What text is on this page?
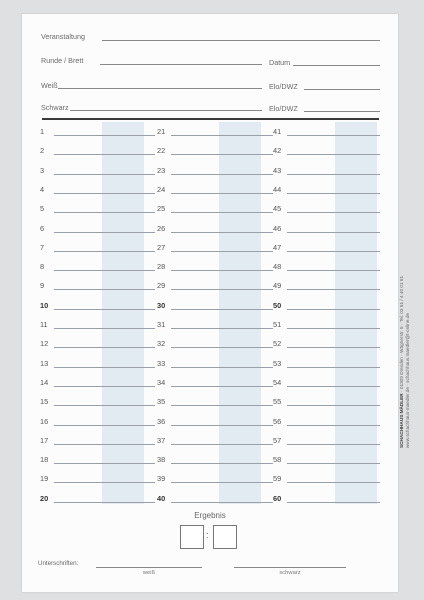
Veranstaltung
Runde / Brett	Datum
Weiß	Elo/DWZ
Schwarz	Elo/DWZ
1
2
3
4
5
6
7
8
9
10
11
12
13
14
15
16
17
18
19
20
21
22
23
24
25
26
27
28
29
30
31
32
33
34
35
36
37
38
39
40
41
42
43
44
45
46
47
48
49
50
51
52
53
54
55
56
57
58
59
60
Ergebnis
:
Unterschriften:
weiß	schwarz
SCHACHHAUS MÄDLER · 01309 Dresden · Wägnerstr. 5 · Tel. 03 51 / 4 40 01 51 www.schachhaus-maedler.de · schachhaus.maedler@t-online.de
